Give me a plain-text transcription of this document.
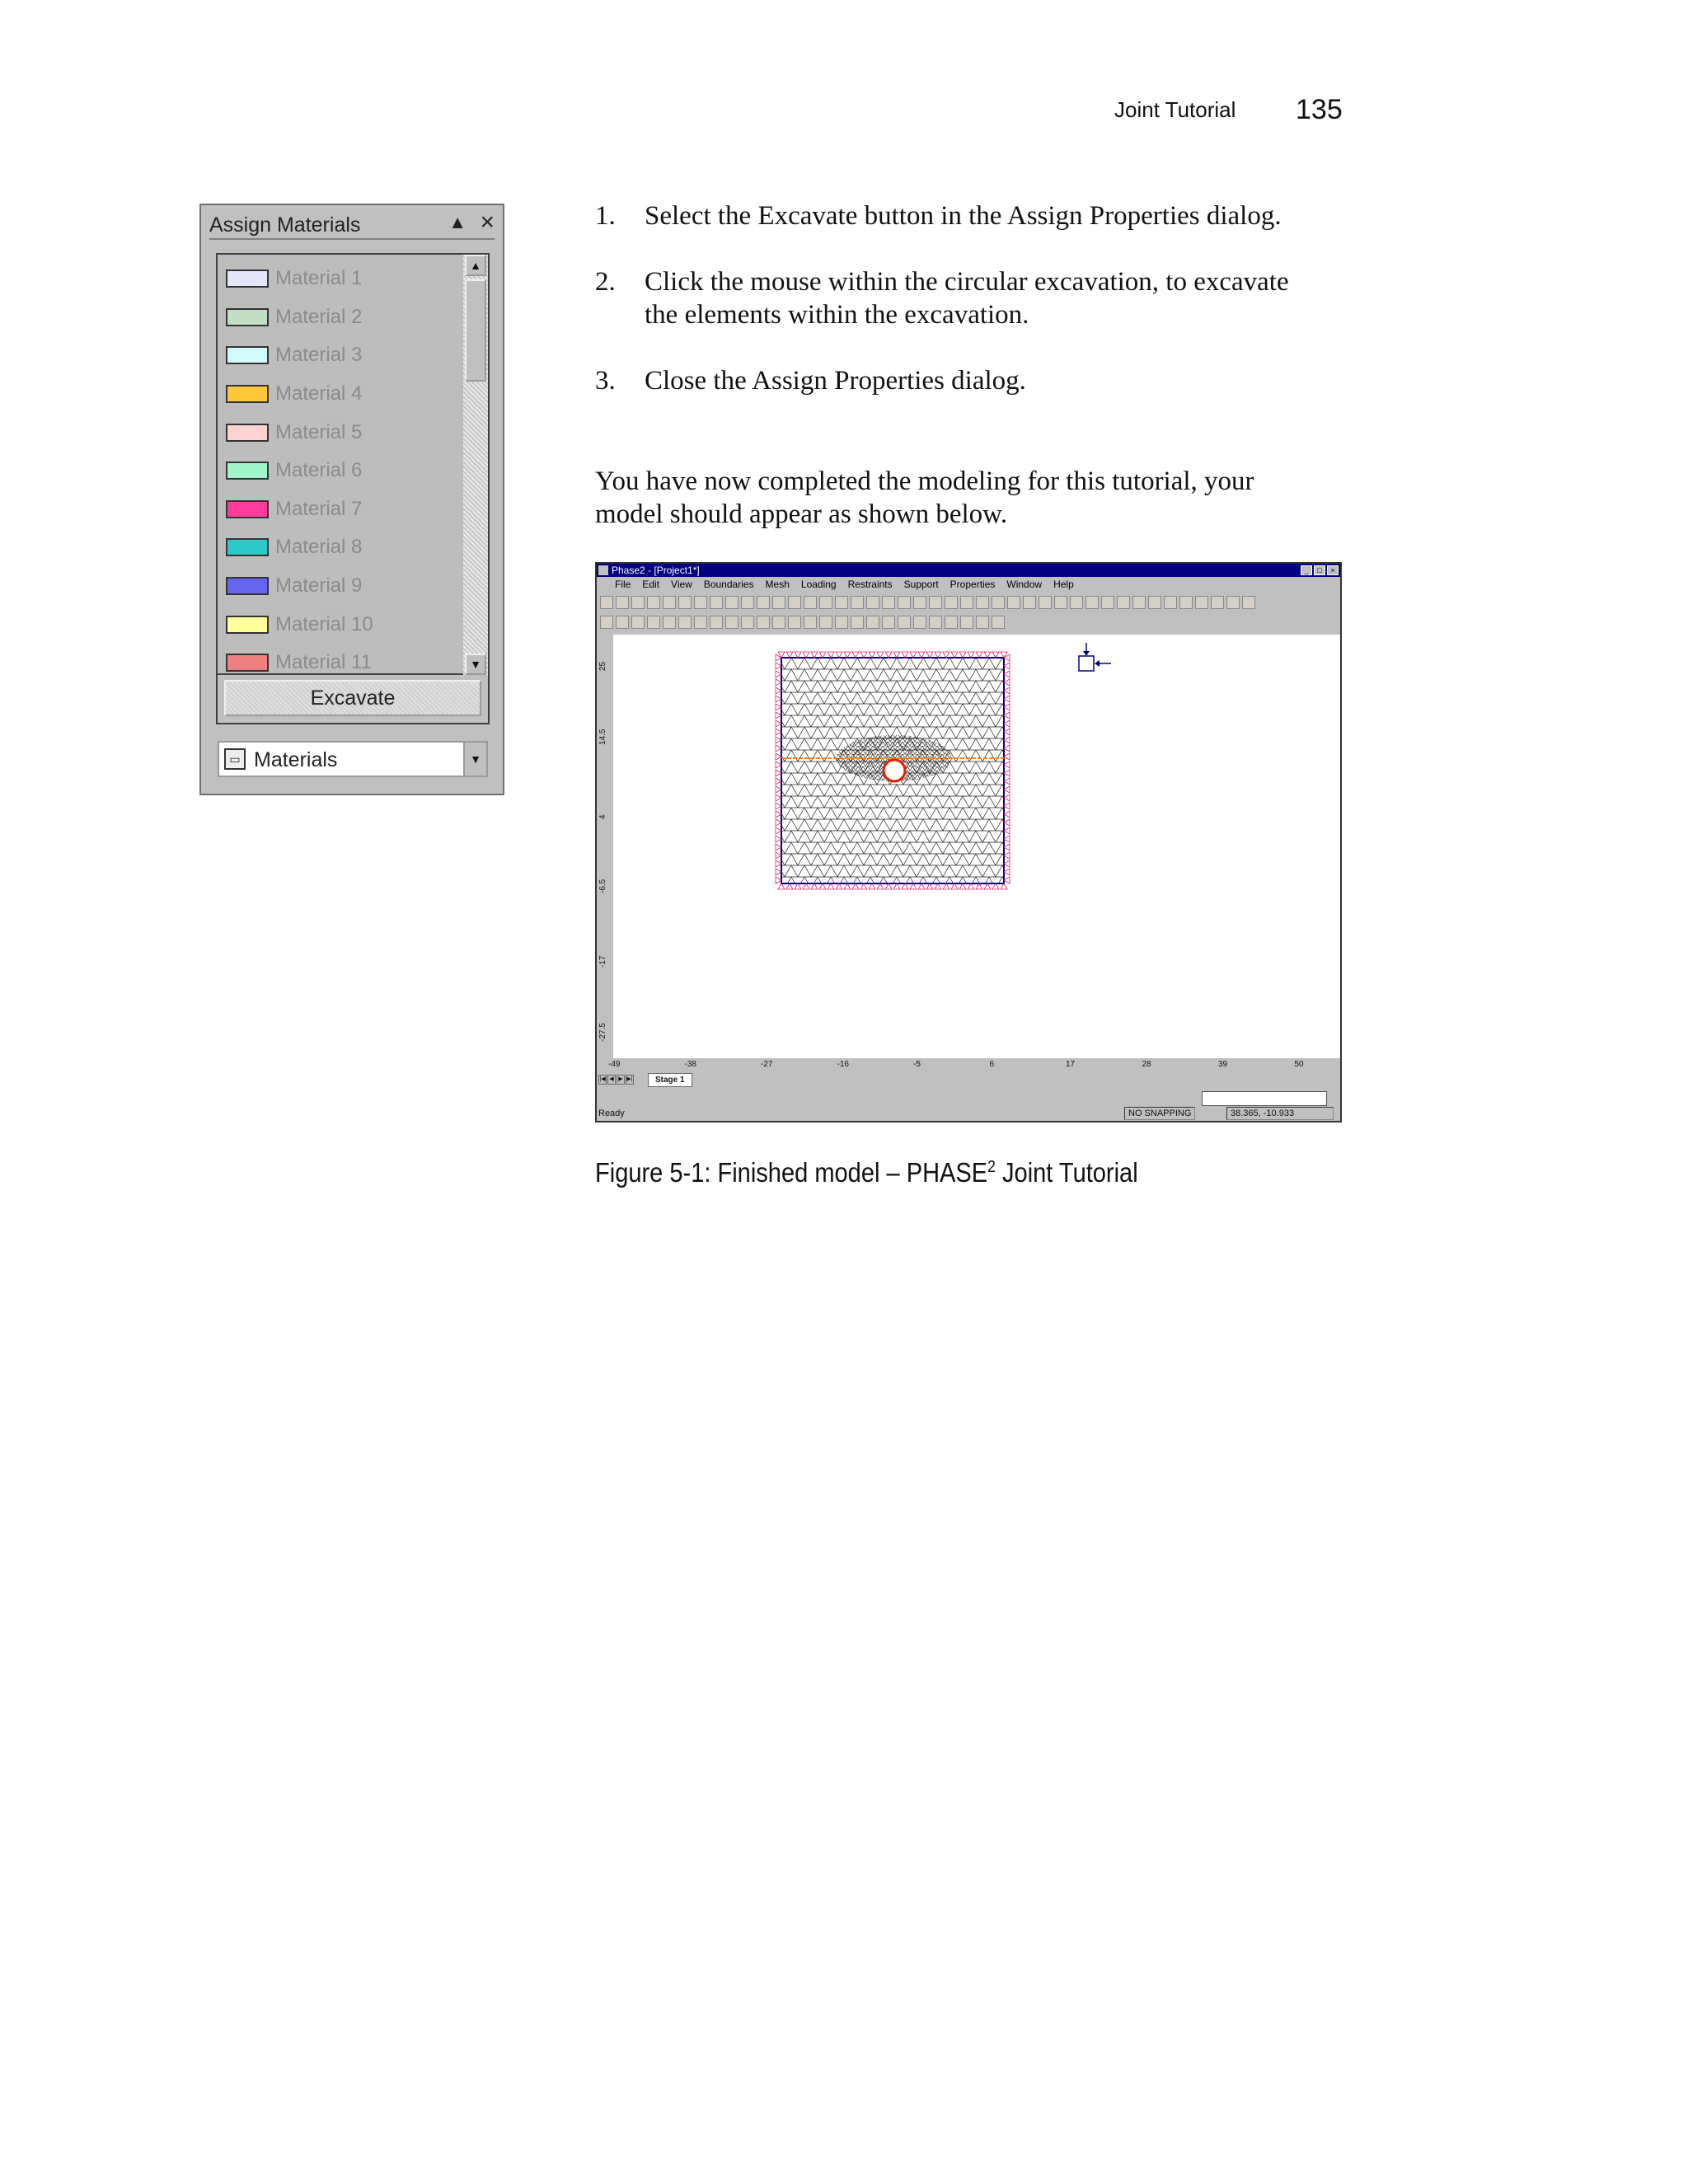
Joint Tutorial 135
Assign Materials	▲ ×
Material 1
Material 2
Material 3
Material 4
Material 5
Material 6
Material 7
Material 8
Material 9
Material 10
Material 11
▲
▼
Excavate
▭ Materials	▼
1.	Select the Excavate button in the Assign Properties dialog.
2.	Click the mouse within the circular excavation, to excavate the elements within the excavation.
3.	Close the Assign Properties dialog.
You have now completed the modeling for this tutorial, your model should appear as shown below.
Phase2 - [Project1*]	_	□	×
File Edit View Boundaries Mesh Loading Restraints Support Properties Window Help
25
14.5
4
-6.5
-17
-27.5
-49	-38	-27	-16	-5	6	17	28	39	50
|◀ ◀ ▶ ▶|	Stage 1
Ready	NO SNAPPING	38.365, -10.933
Figure 5-1: Finished model – PHASE$^2$ Joint Tutorial
